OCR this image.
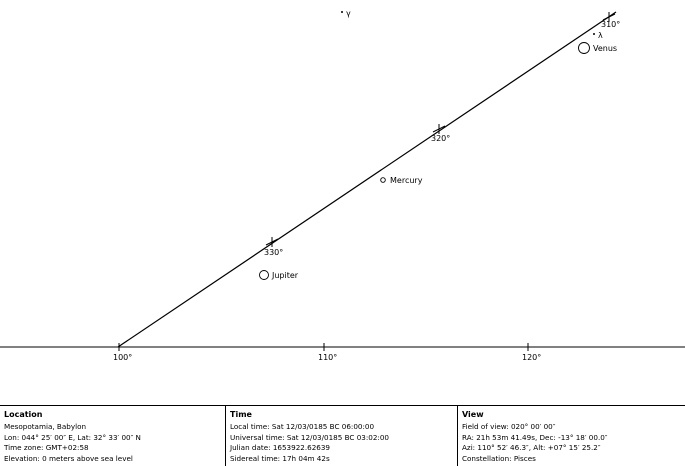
100°	110°	120°
310°
320°
330°
γ
λ
Venus
Mercury
Jupiter
Location
Mesopotamia, Babylon
Lon: 044° 25′ 00″ E, Lat: 32° 33′ 00″ N
Time zone: GMT+02:58
Elevation: 0 meters above sea level
Time
Local time: Sat 12/03/0185 BC 06:00:00
Universal time: Sat 12/03/0185 BC 03:02:00
Julian date: 1653922.62639
Sidereal time: 17h 04m 42s
View
Field of view: 020° 00′ 00″
RA: 21h 53m 41.49s, Dec: -13° 18′ 00.0″
Azi: 110° 52′ 46.3″, Alt: +07° 15′ 25.2″
Constellation: Pisces
